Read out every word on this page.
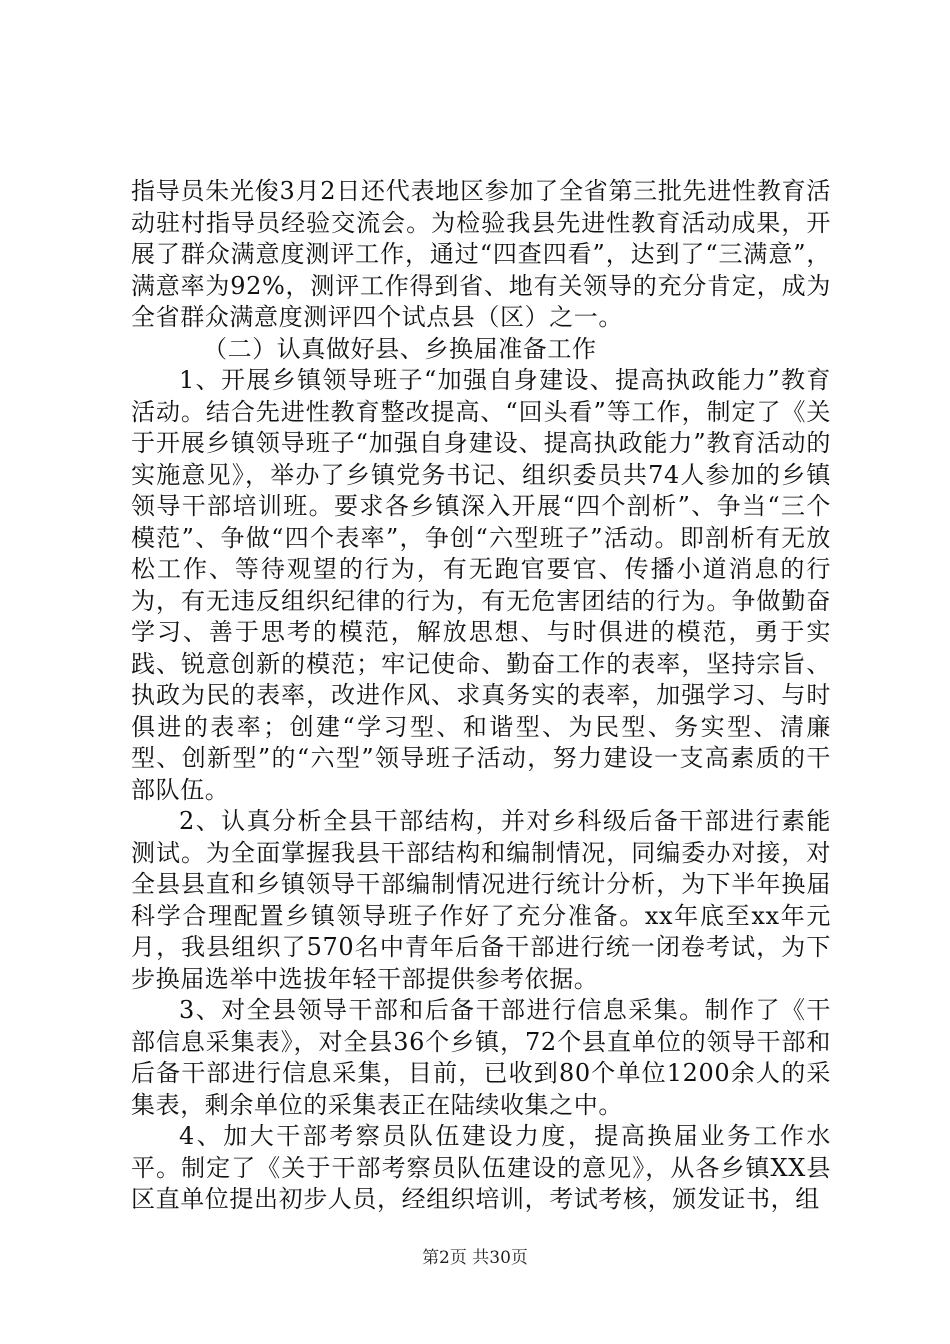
指导员朱光俊3月2日还代表地区参加了全省第三批先进性教育活动驻村指导员经验交流会。为检验我县先进性教育活动成果，开展了群众满意度测评工作，通过“四查四看”，达到了“三满意”，满意率为92%，测评工作得到省、地有关领导的充分肯定，成为全省群众满意度测评四个试点县（区）之一。

（二）认真做好县、乡换届准备工作

1、开展乡镇领导班子“加强自身建设、提高执政能力”教育活动。结合先进性教育整改提高、“回头看”等工作，制定了《关于开展乡镇领导班子“加强自身建设、提高执政能力”教育活动的实施意见》，举办了乡镇党务书记、组织委员共74人参加的乡镇领导干部培训班。要求各乡镇深入开展“四个剖析”、争当“三个模范”、争做“四个表率”，争创“六型班子”活动。即剖析有无放松工作、等待观望的行为，有无跑官要官、传播小道消息的行为，有无违反组织纪律的行为，有无危害团结的行为。争做勤奋学习、善于思考的模范，解放思想、与时俱进的模范，勇于实践、锐意创新的模范；牢记使命、勤奋工作的表率，坚持宗旨、执政为民的表率，改进作风、求真务实的表率，加强学习、与时俱进的表率；创建“学习型、和谐型、为民型、务实型、清廉型、创新型”的“六型”领导班子活动，努力建设一支高素质的干部队伍。

2、认真分析全县干部结构，并对乡科级后备干部进行素能测试。为全面掌握我县干部结构和编制情况，同编委办对接，对全县县直和乡镇领导干部编制情况进行统计分析，为下半年换届科学合理配置乡镇领导班子作好了充分准备。xx年底至xx年元月，我县组织了570名中青年后备干部进行统一闭卷考试，为下步换届选举中选拔年轻干部提供参考依据。

3、对全县领导干部和后备干部进行信息采集。制作了《干部信息采集表》，对全县36个乡镇，72个县直单位的领导干部和后备干部进行信息采集，目前，已收到80个单位1200余人的采集表，剩余单位的采集表正在陆续收集之中。

4、加大干部考察员队伍建设力度，提高换届业务工作水平。制定了《关于干部考察员队伍建设的意见》，从各乡镇XX县区直单位提出初步人员，经组织培训，考试考核，颁发证书，组

第2页 共30页
